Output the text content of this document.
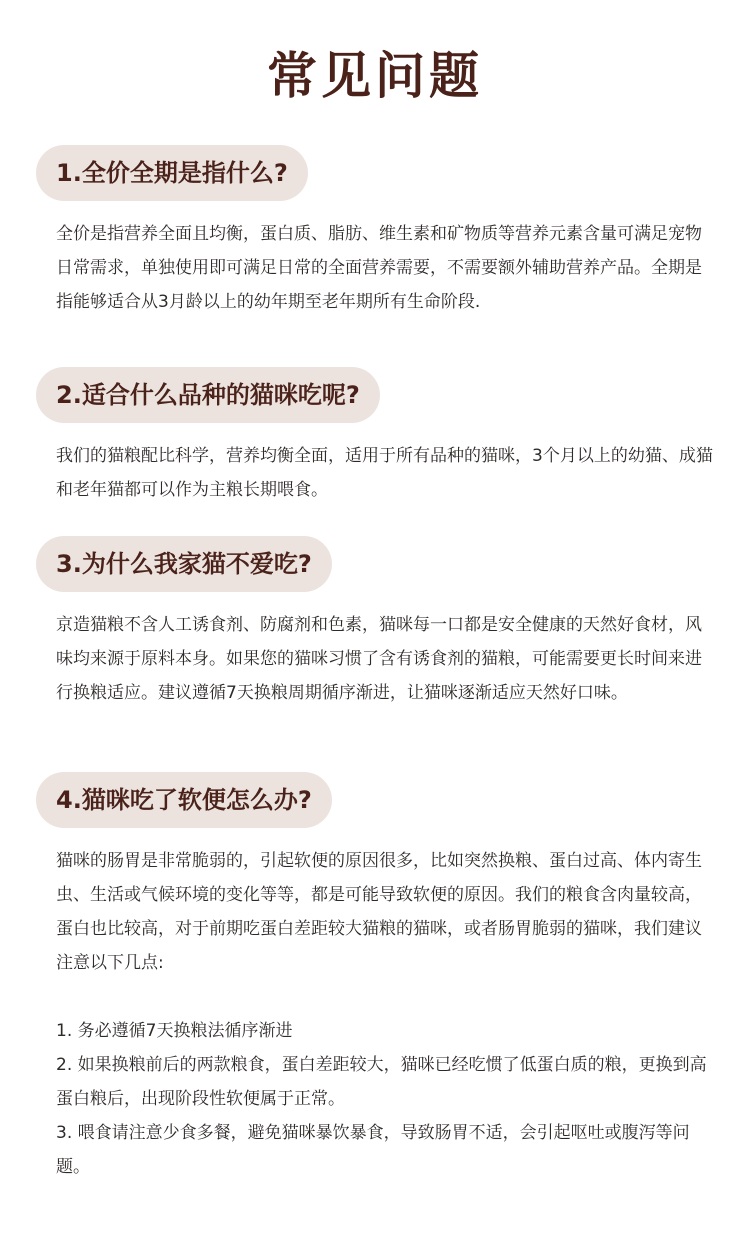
常见问题
1.全价全期是指什么?

全价是指营养全面且均衡，蛋白质、脂肪、维生素和矿物质等营养元素含量可满足宠物日常需求，单独使用即可满足日常的全面营养需要，不需要额外辅助营养产品。全期是指能够适合从3月龄以上的幼年期至老年期所有生命阶段.

2.适合什么品种的猫咪吃呢?

我们的猫粮配比科学，营养均衡全面，适用于所有品种的猫咪，3个月以上的幼猫、成猫和老年猫都可以作为主粮长期喂食。

3.为什么我家猫不爱吃?

京造猫粮不含人工诱食剂、防腐剂和色素，猫咪每一口都是安全健康的天然好食材，风味均来源于原料本身。如果您的猫咪习惯了含有诱食剂的猫粮，可能需要更长时间来进行换粮适应。建议遵循7天换粮周期循序渐进，让猫咪逐渐适应天然好口味。

4.猫咪吃了软便怎么办?

猫咪的肠胃是非常脆弱的，引起软便的原因很多，比如突然换粮、蛋白过高、体内寄生虫、生活或气候环境的变化等等，都是可能导致软便的原因。我们的粮食含肉量较高，蛋白也比较高，对于前期吃蛋白差距较大猫粮的猫咪，或者肠胃脆弱的猫咪，我们建议注意以下几点:

1. 务必遵循7天换粮法循序渐进

2. 如果换粮前后的两款粮食，蛋白差距较大，猫咪已经吃惯了低蛋白质的粮，更换到高蛋白粮后，出现阶段性软便属于正常。

3. 喂食请注意少食多餐，避免猫咪暴饮暴食，导致肠胃不适，会引起呕吐或腹泻等问题。
